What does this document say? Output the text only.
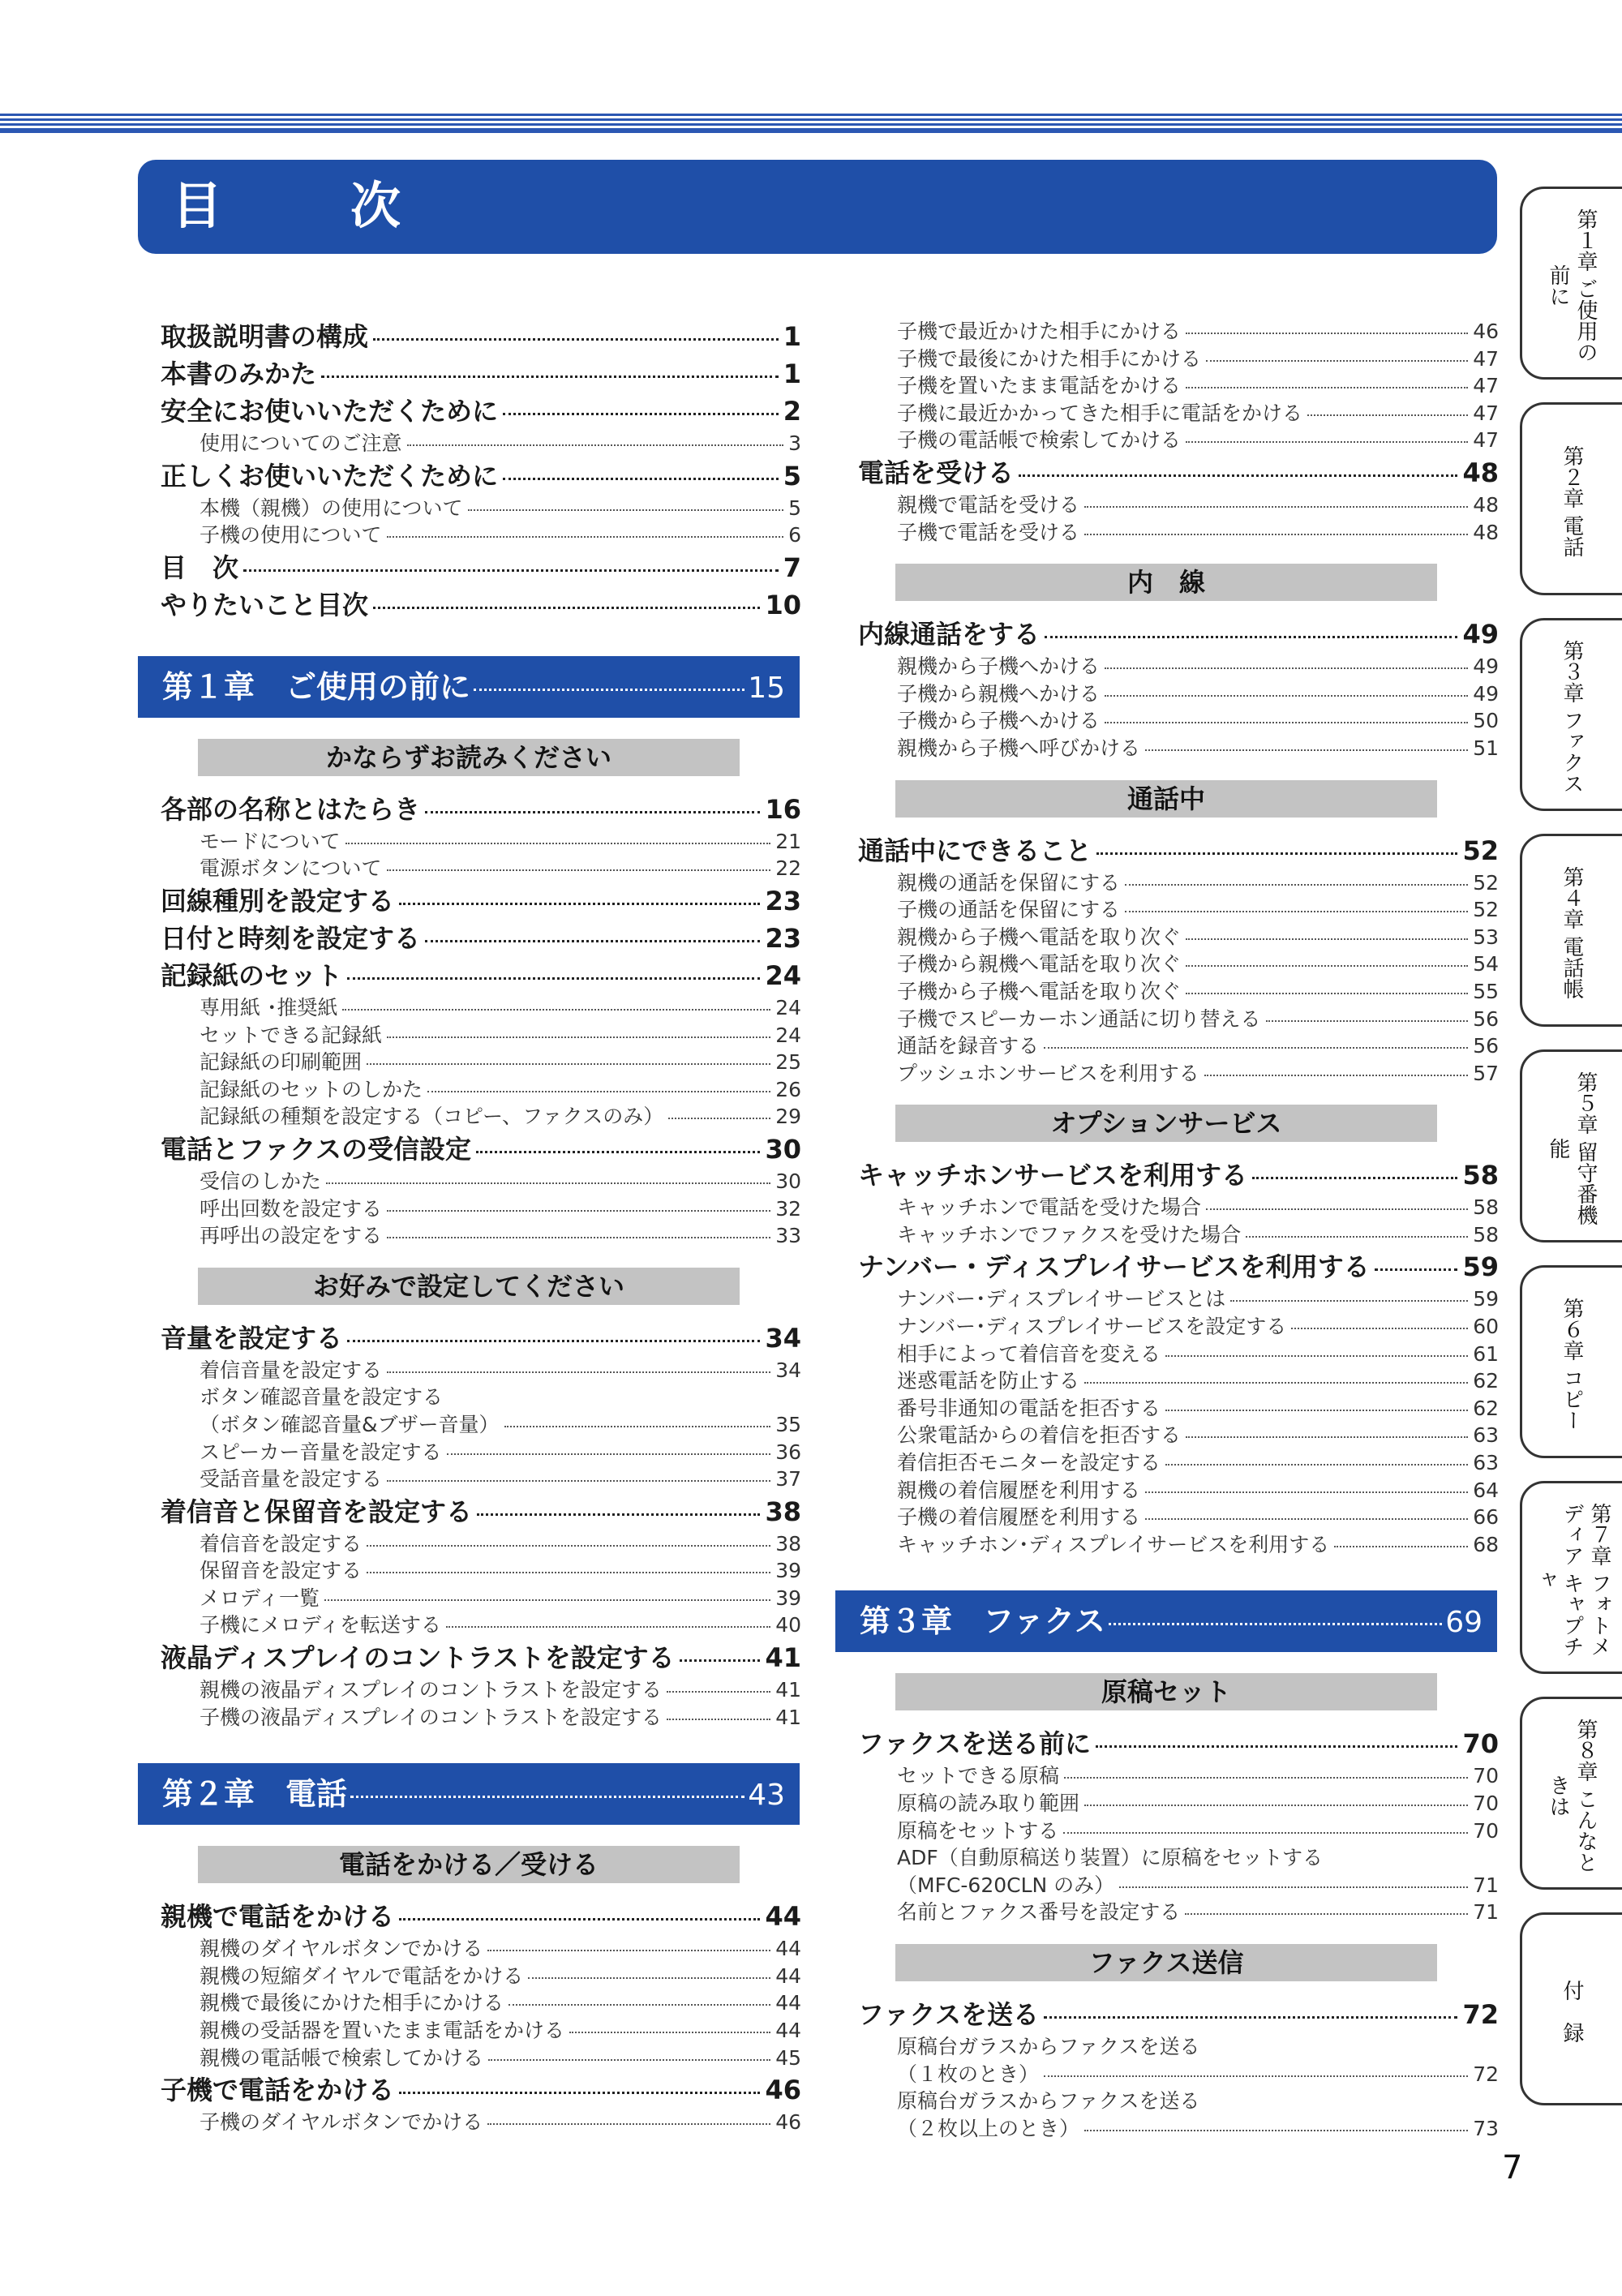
目　次
取扱説明書の構成	1
本書のみかた	1
安全にお使いいただくために	2
使用についてのご注意	3
正しくお使いいただくために	5
本機（親機）の使用について	5
子機の使用について	6
目　次	7
やりたいこと目次	10
第１章 ご使用の前に	15
かならずお読みください
各部の名称とはたらき	16
モードについて	21
電源ボタンについて	22
回線種別を設定する	23
日付と時刻を設定する	23
記録紙のセット	24
専用紙 ･推奨紙	24
セットできる記録紙	24
記録紙の印刷範囲	25
記録紙のセットのしかた	26
記録紙の種類を設定する（コピー、ファクスのみ）	29
電話とファクスの受信設定	30
受信のしかた	30
呼出回数を設定する	32
再呼出の設定をする	33
お好みで設定してください
音量を設定する	34
着信音量を設定する	34
ボタン確認音量を設定する
（ボタン確認音量&ブザー音量）	35
スピーカー音量を設定する	36
受話音量を設定する	37
着信音と保留音を設定する	38
着信音を設定する	38
保留音を設定する	39
メロディ一覧	39
子機にメロディを転送する	40
液晶ディスプレイのコントラストを設定する	41
親機の液晶ディスプレイのコントラストを設定する	41
子機の液晶ディスプレイのコントラストを設定する	41
第２章 電話	43
電話をかける／受ける
親機で電話をかける	44
親機のダイヤルボタンでかける	44
親機の短縮ダイヤルで電話をかける	44
親機で最後にかけた相手にかける	44
親機の受話器を置いたまま電話をかける	44
親機の電話帳で検索してかける	45
子機で電話をかける	46
子機のダイヤルボタンでかける	46
子機で最近かけた相手にかける	46
子機で最後にかけた相手にかける	47
子機を置いたまま電話をかける	47
子機に最近かかってきた相手に電話をかける	47
子機の電話帳で検索してかける	47
電話を受ける	48
親機で電話を受ける	48
子機で電話を受ける	48
内　線
内線通話をする	49
親機から子機へかける	49
子機から親機へかける	49
子機から子機へかける	50
親機から子機へ呼びかける	51
通話中
通話中にできること	52
親機の通話を保留にする	52
子機の通話を保留にする	52
親機から子機へ電話を取り次ぐ	53
子機から親機へ電話を取り次ぐ	54
子機から子機へ電話を取り次ぐ	55
子機でスピーカーホン通話に切り替える	56
通話を録音する	56
プッシュホンサービスを利用する	57
オプションサービス
キャッチホンサービスを利用する	58
キャッチホンで電話を受けた場合	58
キャッチホンでファクスを受けた場合	58
ナンバー・ディスプレイサービスを利用する	59
ナンバー･ディスプレイサービスとは	59
ナンバー･ディスプレイサービスを設定する	60
相手によって着信音を変える	61
迷惑電話を防止する	62
番号非通知の電話を拒否する	62
公衆電話からの着信を拒否する	63
着信拒否モニターを設定する	63
親機の着信履歴を利用する	64
子機の着信履歴を利用する	66
キャッチホン･ディスプレイサービスを利用する	68
第３章 ファクス	69
原稿セット
ファクスを送る前に	70
セットできる原稿	70
原稿の読み取り範囲	70
原稿をセットする	70
ADF（自動原稿送り装置）に原稿をセットする
（MFC-620CLN のみ）	71
名前とファクス番号を設定する	71
ファクス送信
ファクスを送る	72
原稿台ガラスからファクスを送る
（１枚のとき）	72
原稿台ガラスからファクスを送る
（２枚以上のとき）	73
第１章 ご使用の前に
第２章 電話
第３章 ファクス
第４章 電話帳
第５章 留守番機能
第６章 コピー
第７章 フォトメディア キャプチャ
第８章 こんなときは
付　録
7
